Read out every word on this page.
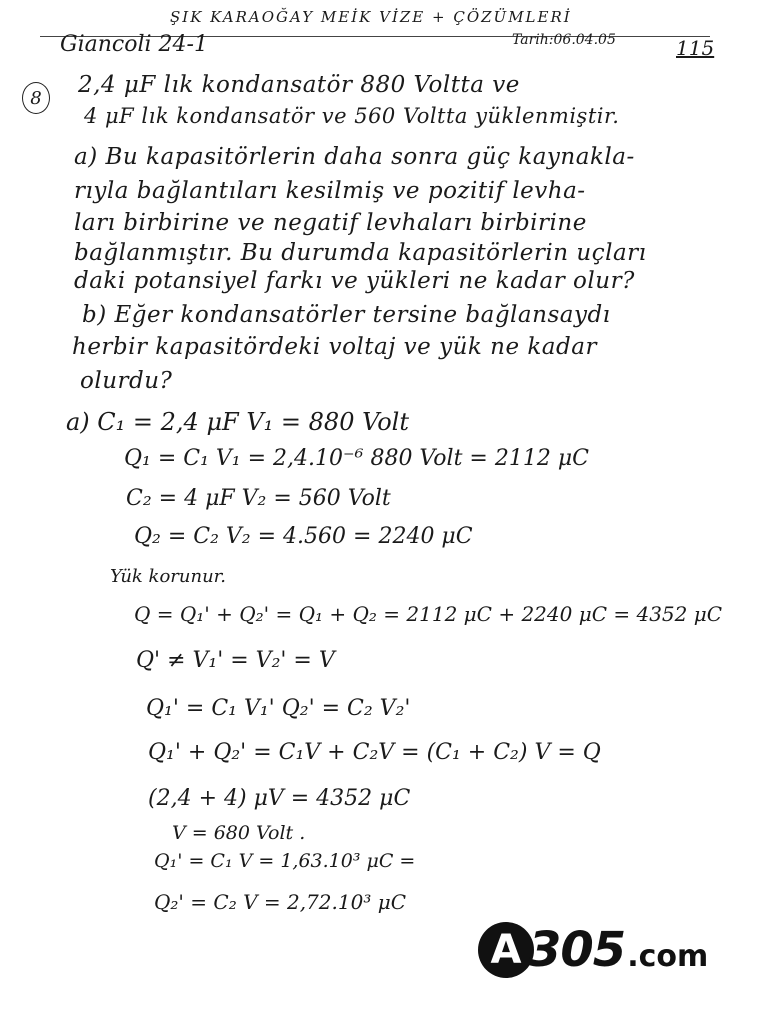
ŞIK KARAOĞAY MEİK VİZE + ÇÖZÜMLERİ
Giancoli 24-1	Tarih:06.04.05	115
8	2,4 μF lık kondansatör 880 Voltta ve
4 μF lık kondansatör ve 560 Voltta yüklenmiştir.
a) Bu kapasitörlerin daha sonra güç kaynakla-
rıyla bağlantıları kesilmiş ve pozitif levha-
ları birbirine ve negatif levhaları birbirine
bağlanmıştır. Bu durumda kapasitörlerin uçları
daki potansiyel farkı ve yükleri ne kadar olur?
b) Eğer kondansatörler tersine bağlansaydı
herbir kapasitördeki voltaj ve yük ne kadar
olurdu?
a) C₁ = 2,4 μF V₁ = 880 Volt
Q₁ = C₁ V₁ = 2,4.10⁻⁶ 880 Volt = 2112 μC
C₂ = 4 μF V₂ = 560 Volt
Q₂ = C₂ V₂ = 4.560 = 2240 μC
Yük korunur.
Q = Q₁' + Q₂' = Q₁ + Q₂ = 2112 μC + 2240 μC = 4352 μC
Q' ≠ V₁' = V₂' = V
Q₁' = C₁ V₁' Q₂' = C₂ V₂'
Q₁' + Q₂' = C₁V + C₂V = (C₁ + C₂) V = Q
(2,4 + 4) μV = 4352 μC
V = 680 Volt .
Q₁' = C₁ V = 1,63.10³ μC =
Q₂' = C₂ V = 2,72.10³ μC
A 305 .com
